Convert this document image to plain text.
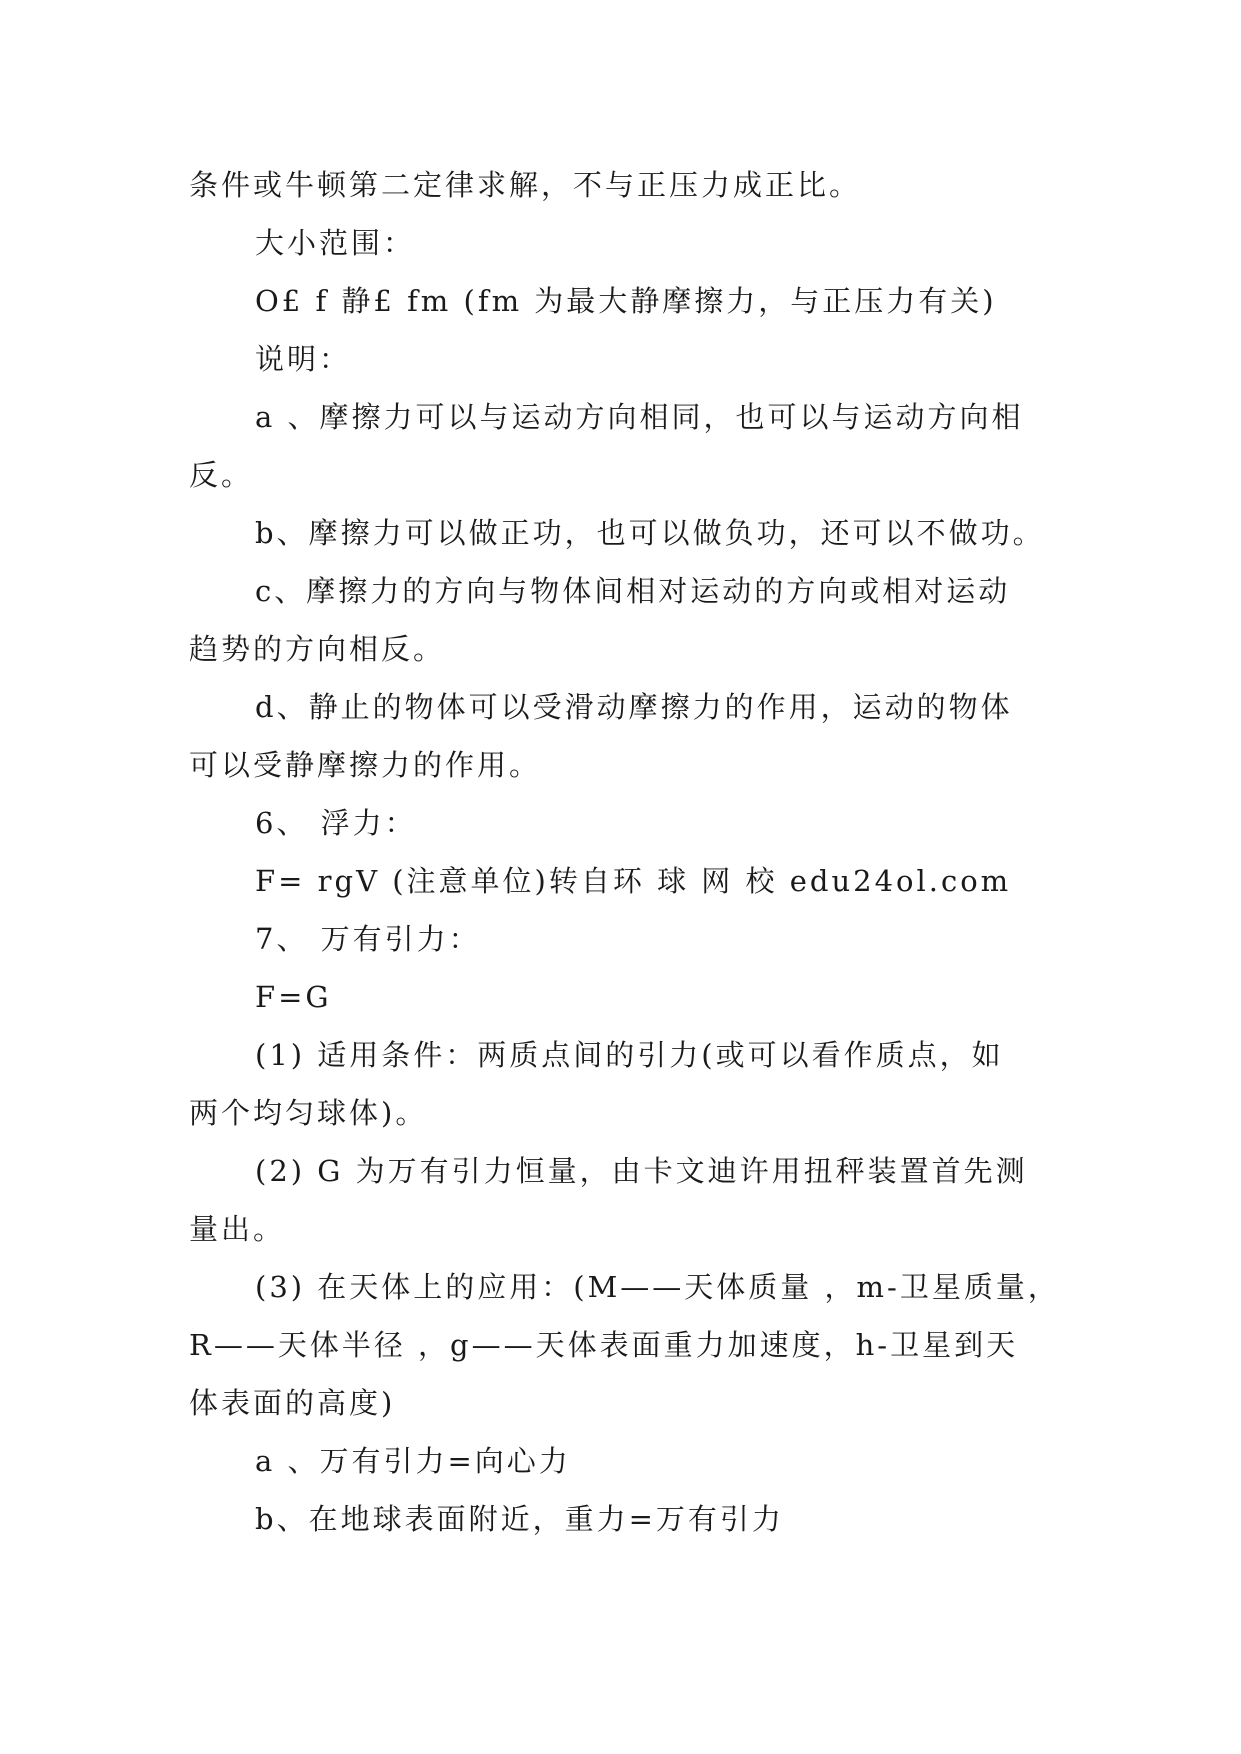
条件或牛顿第二定律求解，不与正压力成正比。
大小范围：
O£ f 静£ fm (fm 为最大静摩擦力，与正压力有关)
说明：
a 、摩擦力可以与运动方向相同，也可以与运动方向相
反。
b、摩擦力可以做正功，也可以做负功，还可以不做功。
c、摩擦力的方向与物体间相对运动的方向或相对运动
趋势的方向相反。
d、静止的物体可以受滑动摩擦力的作用，运动的物体
可以受静摩擦力的作用。
6、 浮力：
F= rgV (注意单位)转自环 球 网 校 edu24ol.com
7、 万有引力：
F=G
(1) 适用条件：两质点间的引力(或可以看作质点，如
两个均匀球体)。
(2) G 为万有引力恒量，由卡文迪许用扭秤装置首先测
量出。
(3) 在天体上的应用：(M——天体质量 ，m-卫星质量，
R——天体半径 ，g——天体表面重力加速度，h-卫星到天
体表面的高度)
a 、万有引力=向心力
b、在地球表面附近，重力=万有引力
